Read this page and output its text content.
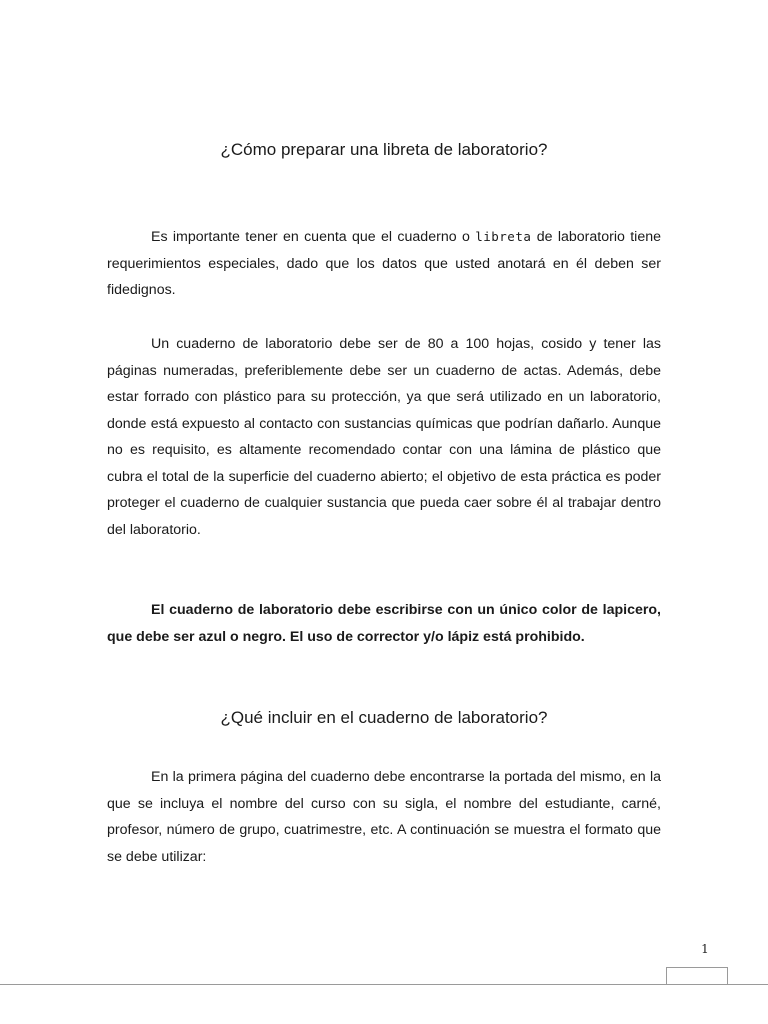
¿Cómo preparar una libreta de laboratorio?

Es importante tener en cuenta que el cuaderno o libreta de laboratorio tiene requerimientos especiales, dado que los datos que usted anotará en él deben ser fidedignos.

Un cuaderno de laboratorio debe ser de 80 a 100 hojas, cosido y tener las páginas numeradas, preferiblemente debe ser un cuaderno de actas. Además, debe estar forrado con plástico para su protección, ya que será utilizado en un laboratorio, donde está expuesto al contacto con sustancias químicas que podrían dañarlo. Aunque no es requisito, es altamente recomendado contar con una lámina de plástico que cubra el total de la superficie del cuaderno abierto; el objetivo de esta práctica es poder proteger el cuaderno de cualquier sustancia que pueda caer sobre él al trabajar dentro del laboratorio.

El cuaderno de laboratorio debe escribirse con un único color de lapicero, que debe ser azul o negro. El uso de corrector y/o lápiz está prohibido.

¿Qué incluir en el cuaderno de laboratorio?

En la primera página del cuaderno debe encontrarse la portada del mismo, en la que se incluya el nombre del curso con su sigla, el nombre del estudiante, carné, profesor, número de grupo, cuatrimestre, etc. A continuación se muestra el formato que se debe utilizar:

1
